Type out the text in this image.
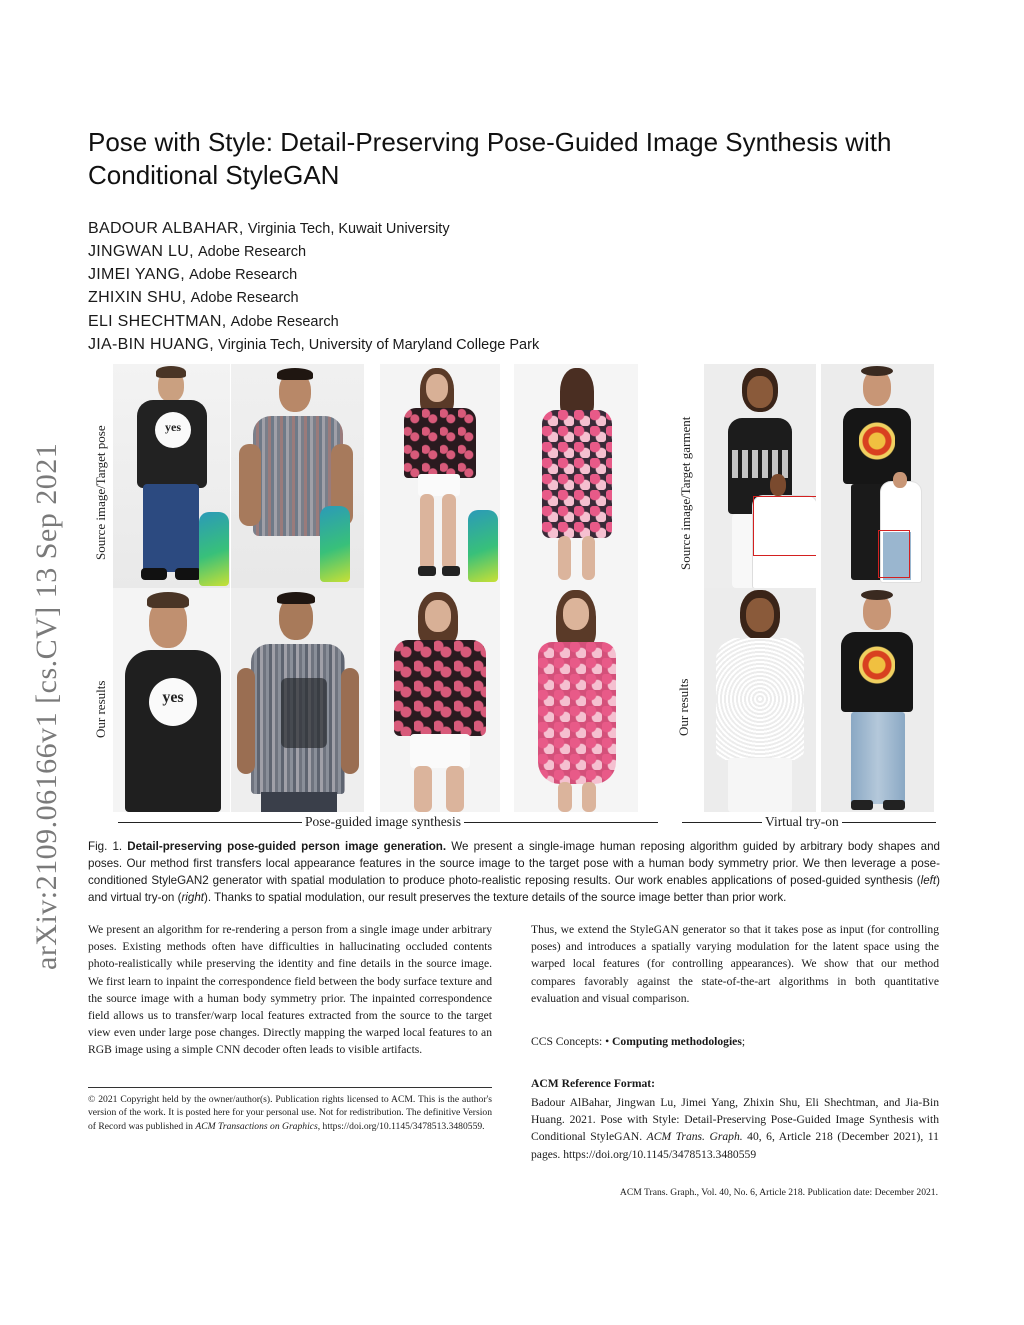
arXiv:2109.06166v1 [cs.CV] 13 Sep 2021
Pose with Style: Detail-Preserving Pose-Guided Image Synthesis with Conditional StyleGAN
BADOUR ALBAHAR, Virginia Tech, Kuwait University
JINGWAN LU, Adobe Research
JIMEI YANG, Adobe Research
ZHIXIN SHU, Adobe Research
ELI SHECHTMAN, Adobe Research
JIA-BIN HUANG, Virginia Tech, University of Maryland College Park
Source image/Target pose
Our results
Source image/Target garment
Our results
yes
yes
Pose-guided image synthesis	Virtual try-on
Fig. 1. Detail-preserving pose-guided person image generation. We present a single-image human reposing algorithm guided by arbitrary body shapes and poses. Our method first transfers local appearance features in the source image to the target pose with a human body symmetry prior. We then leverage a pose-conditioned StyleGAN2 generator with spatial modulation to produce photo-realistic reposing results. Our work enables applications of posed-guided synthesis (left) and virtual try-on (right). Thanks to spatial modulation, our result preserves the texture details of the source image better than prior work.
We present an algorithm for re-rendering a person from a single image under arbitrary poses. Existing methods often have difficulties in hallucinating occluded contents photo-realistically while preserving the identity and fine details in the source image. We first learn to inpaint the correspondence field between the body surface texture and the source image with a human body symmetry prior. The inpainted correspondence field allows us to transfer/warp local features extracted from the source to the target view even under large pose changes. Directly mapping the warped local features to an RGB image using a simple CNN decoder often leads to visible artifacts.
Thus, we extend the StyleGAN generator so that it takes pose as input (for controlling poses) and introduces a spatially varying modulation for the latent space using the warped local features (for controlling appearances). We show that our method compares favorably against the state-of-the-art algorithms in both quantitative evaluation and visual comparison.
CCS Concepts: • Computing methodologies;
ACM Reference Format:
Badour AlBahar, Jingwan Lu, Jimei Yang, Zhixin Shu, Eli Shechtman, and Jia-Bin Huang. 2021. Pose with Style: Detail-Preserving Pose-Guided Image Synthesis with Conditional StyleGAN. ACM Trans. Graph. 40, 6, Article 218 (December 2021), 11 pages. https://doi.org/10.1145/3478513.3480559
© 2021 Copyright held by the owner/author(s). Publication rights licensed to ACM. This is the author's version of the work. It is posted here for your personal use. Not for redistribution. The definitive Version of Record was published in ACM Transactions on Graphics, https://doi.org/10.1145/3478513.3480559.
ACM Trans. Graph., Vol. 40, No. 6, Article 218. Publication date: December 2021.
